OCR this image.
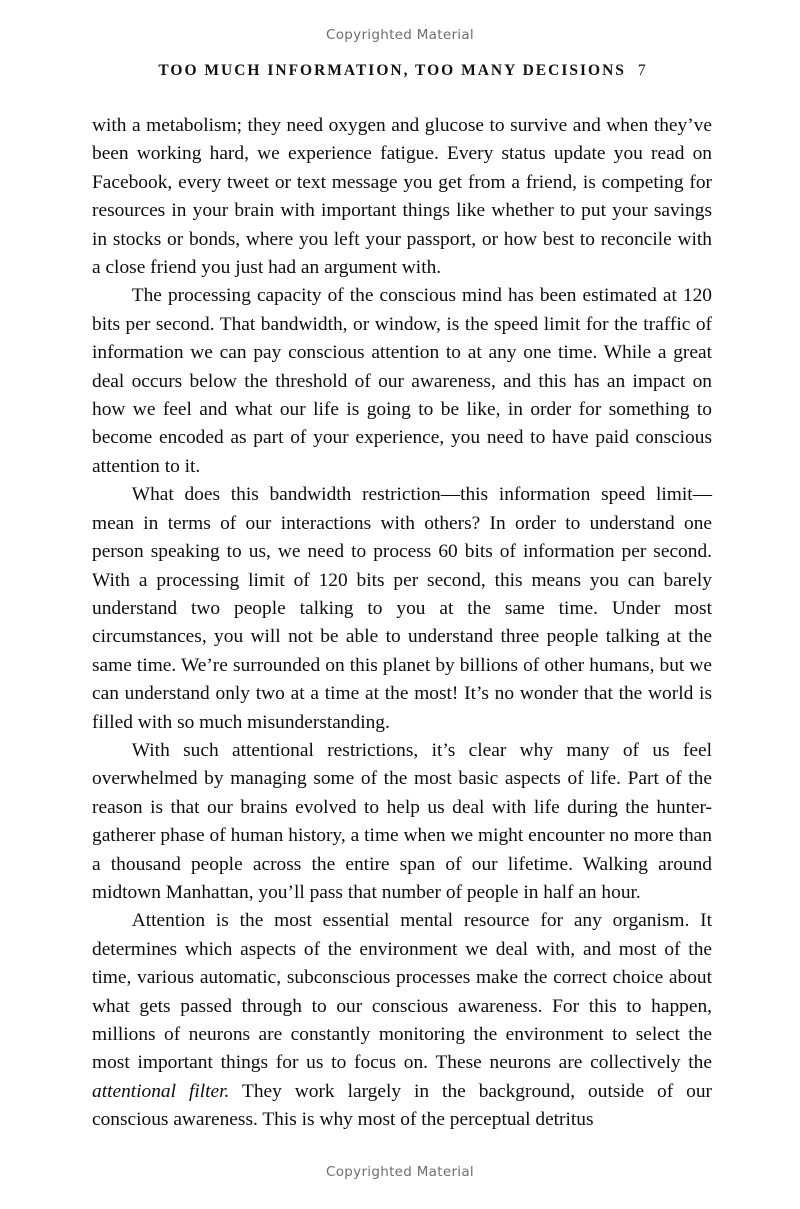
Copyrighted Material
TOO MUCH INFORMATION, TOO MANY DECISIONS 7

with a metabolism; they need oxygen and glucose to survive and when they’ve been working hard, we experience fatigue. Every status update you read on Facebook, every tweet or text message you get from a friend, is competing for resources in your brain with important things like whether to put your savings in stocks or bonds, where you left your passport, or how best to reconcile with a close friend you just had an argument with.

The processing capacity of the conscious mind has been estimated at 120 bits per second. That bandwidth, or window, is the speed limit for the traffic of information we can pay conscious attention to at any one time. While a great deal occurs below the threshold of our awareness, and this has an impact on how we feel and what our life is going to be like, in order for something to become encoded as part of your experience, you need to have paid conscious attention to it.

What does this bandwidth restriction—this information speed limit—mean in terms of our interactions with others? In order to understand one person speaking to us, we need to process 60 bits of information per second. With a processing limit of 120 bits per second, this means you can barely understand two people talking to you at the same time. Under most circumstances, you will not be able to understand three people talking at the same time. We’re surrounded on this planet by billions of other humans, but we can understand only two at a time at the most! It’s no wonder that the world is filled with so much misunderstanding.

With such attentional restrictions, it’s clear why many of us feel overwhelmed by managing some of the most basic aspects of life. Part of the reason is that our brains evolved to help us deal with life during the hunter-gatherer phase of human history, a time when we might encounter no more than a thousand people across the entire span of our lifetime. Walking around midtown Manhattan, you’ll pass that number of people in half an hour.

Attention is the most essential mental resource for any organism. It determines which aspects of the environment we deal with, and most of the time, various automatic, subconscious processes make the correct choice about what gets passed through to our conscious awareness. For this to happen, millions of neurons are constantly monitoring the environment to select the most important things for us to focus on. These neurons are collectively the attentional filter. They work largely in the background, outside of our conscious awareness. This is why most of the perceptual detritus

Copyrighted Material
